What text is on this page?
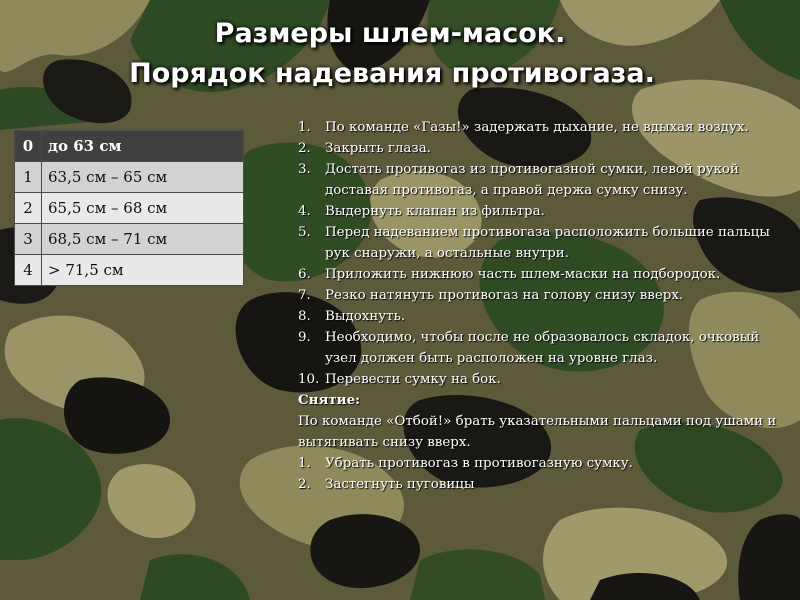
Размеры шлем-масок.
Порядок надевания противогаза.
0	до 63 см
1	63,5 см – 65 см
2	65,5 см – 68 см
3	68,5 см – 71 см
4	> 71,5 см
1.	По команде «Газы!» задержать дыхание, не вдыхая воздух.
2.	Закрыть глаза.
3.	Достать противогаз из противогазной сумки, левой рукой доставая противогаз, а правой держа сумку снизу.
4.	Выдернуть клапан из фильтра.
5.	Перед надеванием противогаза расположить большие пальцы рук снаружи, а остальные внутри.
6.	Приложить нижнюю часть шлем-маски на подбородок.
7.	Резко натянуть противогаз на голову снизу вверх.
8.	Выдохнуть.
9.	Необходимо, чтобы после не образовалось складок, очковый узел должен быть расположен на уровне глаз.
10. Перевести сумку на бок.

Снятие:

По команде «Отбой!» брать указательными пальцами под ушами и вытягивать снизу вверх.

1.	Убрать противогаз в противогазную сумку.
2.	Застегнуть пуговицы
